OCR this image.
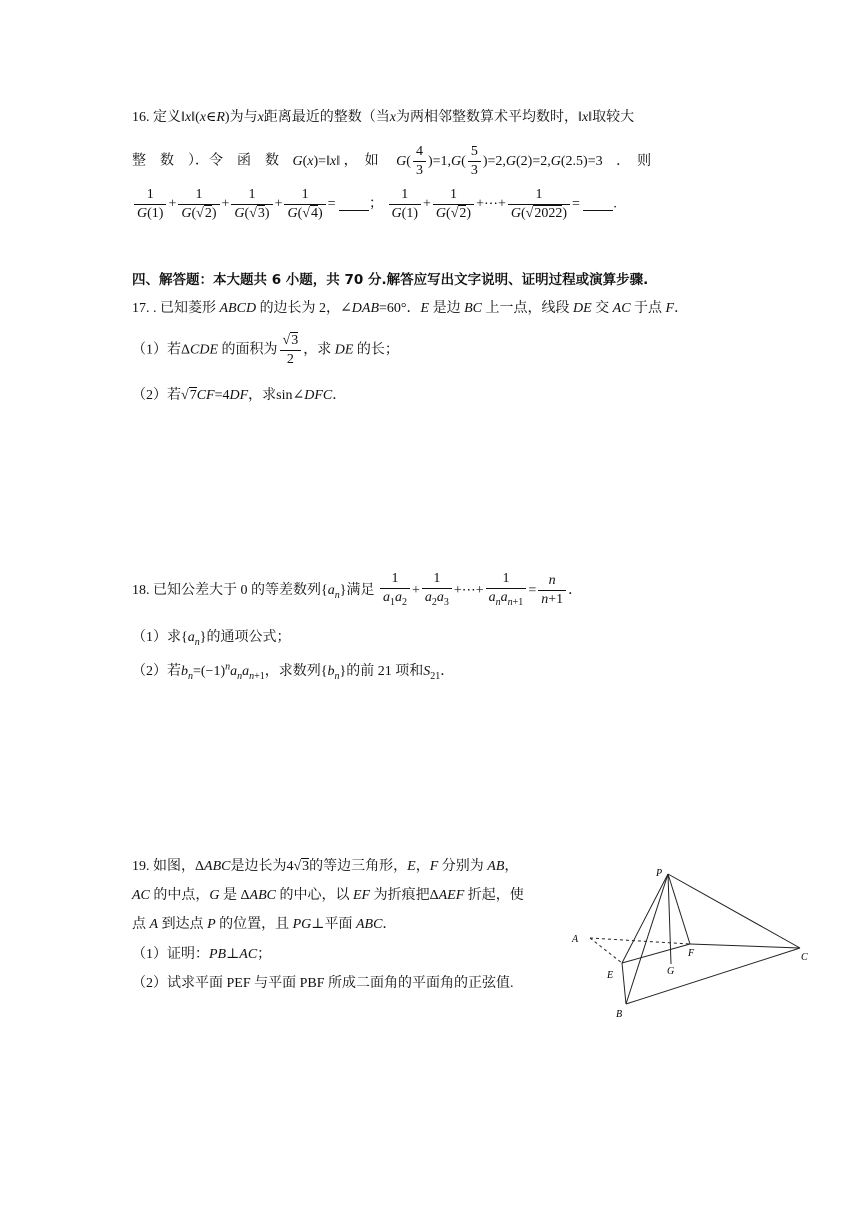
16. 定义‖x‖(x∈R)为与x距离最近的整数（当x为两相邻整数算术平均数时，‖x‖取较大
整　数　）．令　函　数 G(x)=‖x‖ ，　如 $G( \frac{4}{3} )=1,G( \frac{5}{3} )=2,G(2)=2,G(2.5)=3$ ．　则
$\frac{1}{G(1)} + \frac{1}{G(√2)} + \frac{1}{G(√3)} + \frac{1}{G(√4)}$ = ； $\frac{1}{G(1)} + \frac{1}{G(√2)}$ +⋯+ $\frac{1}{G(√2022)}$ = .
四、解答题：本大题共 6 小题，共 70 分.解答应写出文字说明、证明过程或演算步骤.
17. . 已知菱形 ABCD 的边长为 2，∠DAB=60°．E 是边 BC 上一点，线段 DE 交 AC 于点 F．
（1）若ΔCDE 的面积为 $\frac{√3}{2}$ ，求 DE 的长；
（2）若√7CF=4DF，求sin∠DFC．
18. 已知公差大于 0 的等差数列$\{a_n\}$满足 $\frac{1}{a_1a_2} + \frac{1}{a_2a_3}$ +⋯+ $\frac{1}{a_na_{n+1}} = \frac{n}{n+1}$ ．
（1）求$\{a_n\}$的通项公式；
（2）若$b_n=(-1)^na_na_{n+1}$，求数列$\{b_n\}$的前 21 项和$S_{21}$．
19. 如图，ΔABC是边长为4√3的等边三角形，E，F 分别为 AB，
AC 的中点，G 是 ΔABC 的中心，以 EF 为折痕把ΔAEF 折起，使
点 A 到达点 P 的位置，且 PG⊥平面 ABC．
（1）证明：PB⊥AC；
（2）试求平面 PEF 与平面 PBF 所成二面角的平面角的正弦值.
P
A
E	G
F	C
B
